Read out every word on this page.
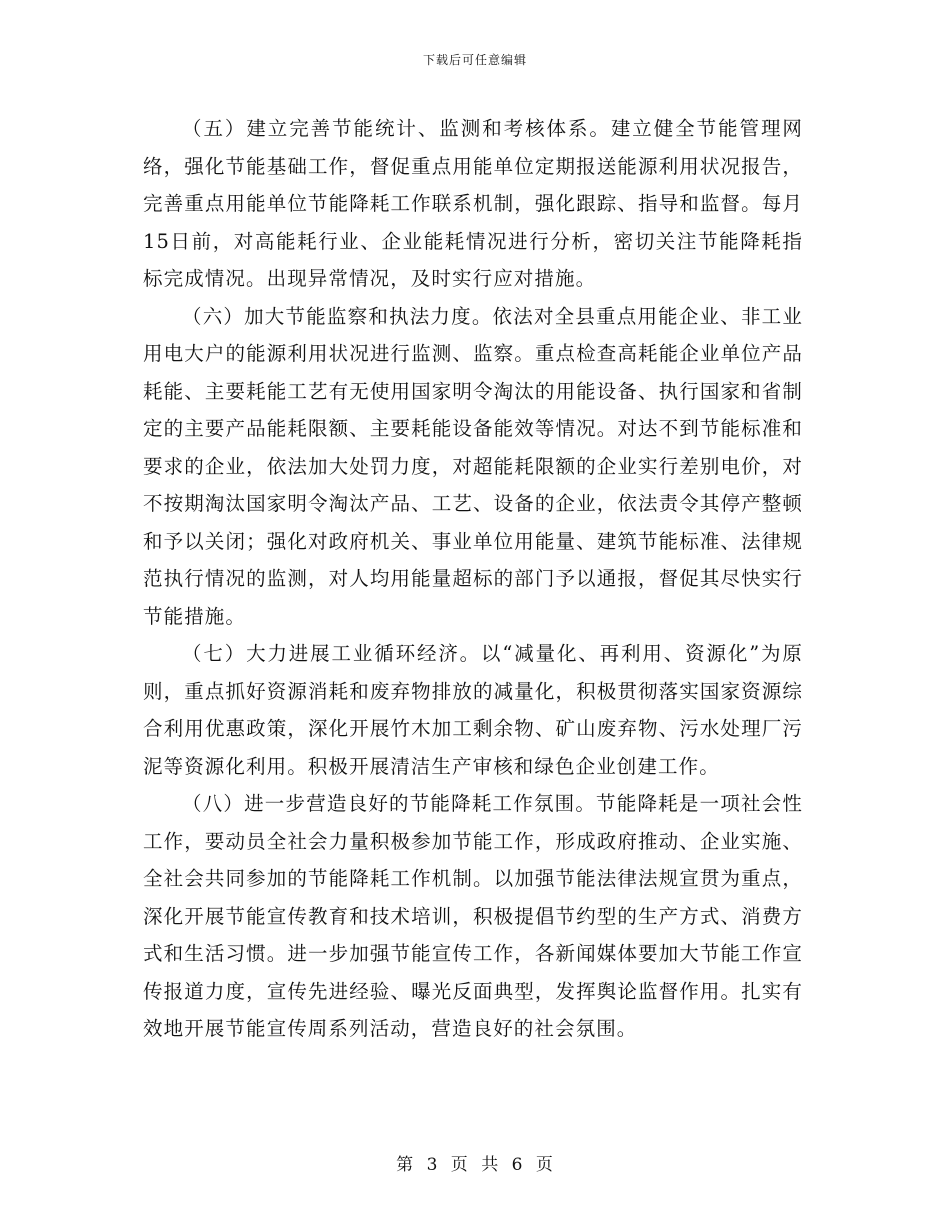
下载后可任意编辑

（五）建立完善节能统计、监测和考核体系。建立健全节能管理网络，强化节能基础工作，督促重点用能单位定期报送能源利用状况报告，完善重点用能单位节能降耗工作联系机制，强化跟踪、指导和监督。每月15日前，对高能耗行业、企业能耗情况进行分析，密切关注节能降耗指标完成情况。出现异常情况，及时实行应对措施。

（六）加大节能监察和执法力度。依法对全县重点用能企业、非工业用电大户的能源利用状况进行监测、监察。重点检查高耗能企业单位产品耗能、主要耗能工艺有无使用国家明令淘汰的用能设备、执行国家和省制定的主要产品能耗限额、主要耗能设备能效等情况。对达不到节能标准和要求的企业，依法加大处罚力度，对超能耗限额的企业实行差别电价，对不按期淘汰国家明令淘汰产品、工艺、设备的企业，依法责令其停产整顿和予以关闭；强化对政府机关、事业单位用能量、建筑节能标准、法律规范执行情况的监测，对人均用能量超标的部门予以通报，督促其尽快实行节能措施。

（七）大力进展工业循环经济。以“减量化、再利用、资源化”为原则，重点抓好资源消耗和废弃物排放的减量化，积极贯彻落实国家资源综合利用优惠政策，深化开展竹木加工剩余物、矿山废弃物、污水处理厂污泥等资源化利用。积极开展清洁生产审核和绿色企业创建工作。

（八）进一步营造良好的节能降耗工作氛围。节能降耗是一项社会性工作，要动员全社会力量积极参加节能工作，形成政府推动、企业实施、全社会共同参加的节能降耗工作机制。以加强节能法律法规宣贯为重点，深化开展节能宣传教育和技术培训，积极提倡节约型的生产方式、消费方式和生活习惯。进一步加强节能宣传工作，各新闻媒体要加大节能工作宣传报道力度，宣传先进经验、曝光反面典型，发挥舆论监督作用。扎实有效地开展节能宣传周系列活动，营造良好的社会氛围。

第 3 页 共 6 页
